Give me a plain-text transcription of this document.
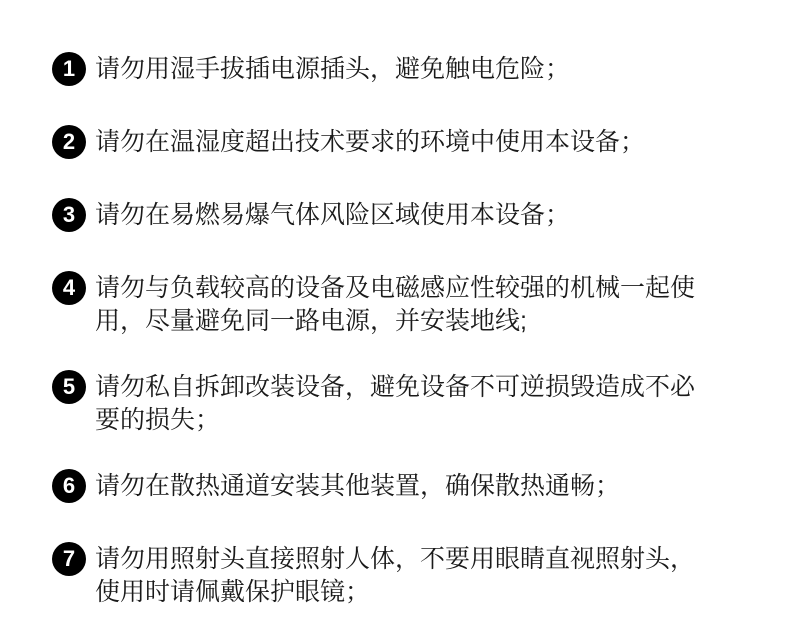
1 请勿用湿手拔插电源插头，避免触电危险；
2 请勿在温湿度超出技术要求的环境中使用本设备；
3 请勿在易燃易爆气体风险区域使用本设备；
4 请勿与负载较高的设备及电磁感应性较强的机械一起使
用，尽量避免同一路电源，并安装地线;
5 请勿私自拆卸改装设备，避免设备不可逆损毁造成不必
要的损失；
6 请勿在散热通道安装其他装置，确保散热通畅；
7 请勿用照射头直接照射人体，不要用眼睛直视照射头，
使用时请佩戴保护眼镜；
